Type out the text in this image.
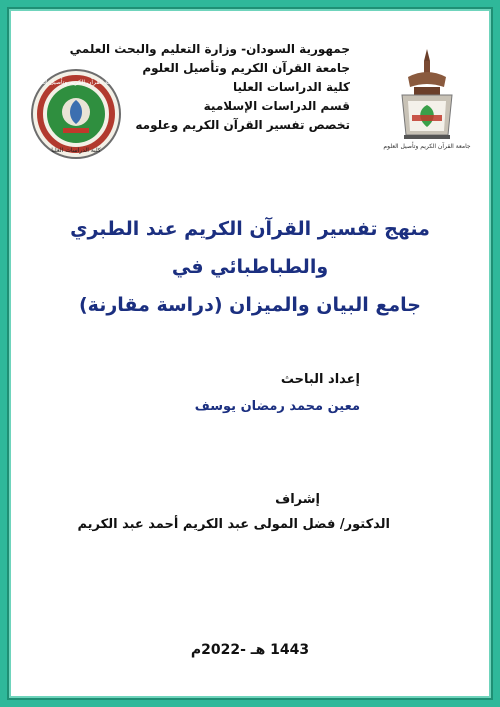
جمهورية السودان- وزارة التعليم والبحث العلمي
جامعة القرآن الكريم وتأصيل العلوم
كلية الدراسات العليا
قسم الدراسات الإسلامية
تخصص تفسير القرآن الكريم وعلومه
جامعة القرآن الكريم وتأصيل العلوم
جامعة القرآن الكريم وتأصيل العلوم
كلية الدراسات العليا
منهج تفسير القرآن الكريم عند الطبري والطباطبائي في
جامع البيان والميزان (دراسة مقارنة)
إعداد الباحث
معين محمد رمضان يوسف
إشراف
الدكتور/ فضل المولى عبد الكريم أحمد عبد الكريم
1443 هـ -2022م
